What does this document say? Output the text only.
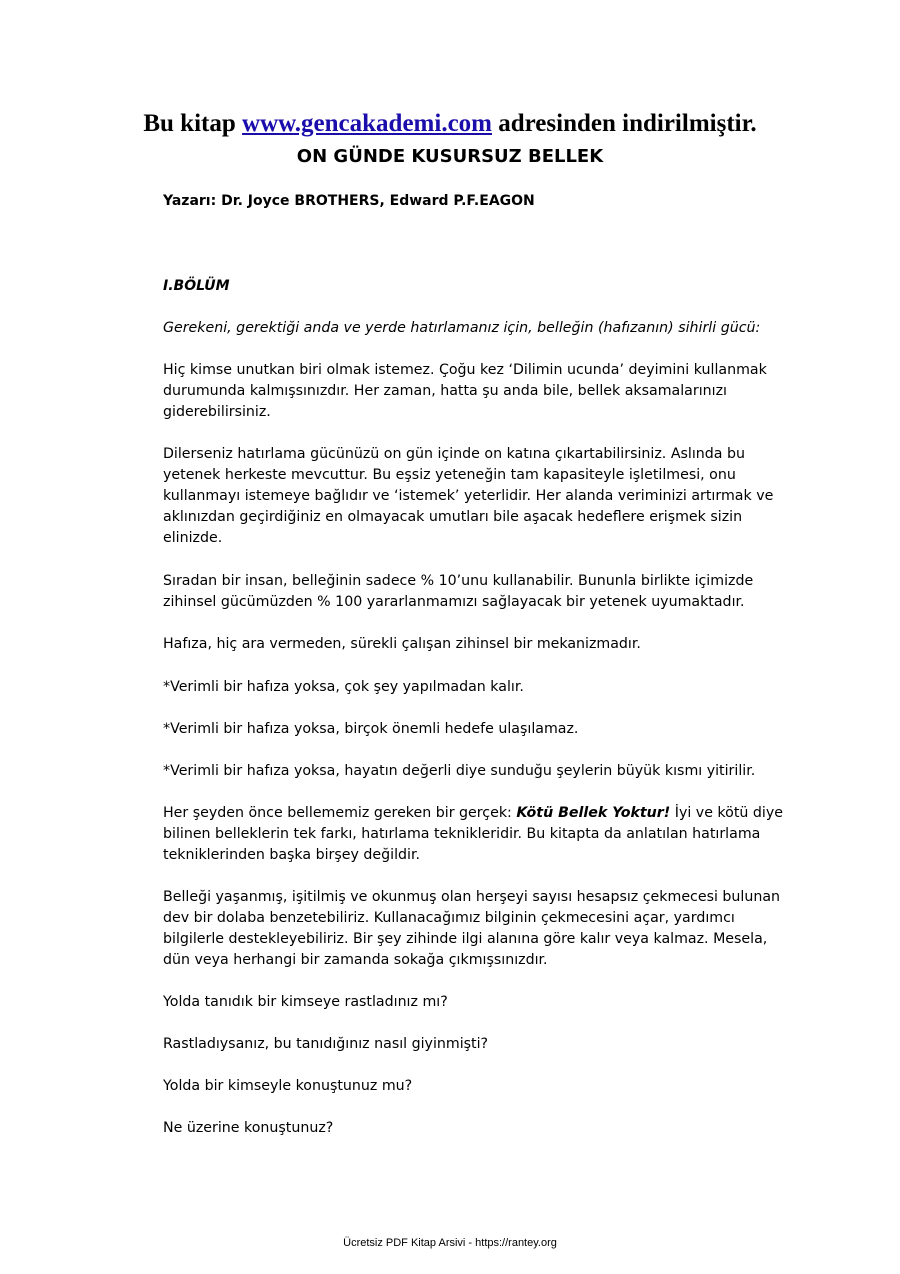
Bu kitap www.gencakademi.com adresinden indirilmiştir.
ON GÜNDE KUSURSUZ BELLEK
Yazarı: Dr. Joyce BROTHERS, Edward P.F.EAGON
I.BÖLÜM
Gerekeni, gerektiği anda ve yerde hatırlamanız için, belleğin (hafızanın) sihirli gücü:
Hiç kimse unutkan biri olmak istemez. Çoğu kez ‘Dilimin ucunda’ deyimini kullanmak durumunda kalmışsınızdır. Her zaman, hatta şu anda bile, bellek aksamalarınızı giderebilirsiniz.
Dilerseniz hatırlama gücünüzü on gün içinde on katına çıkartabilirsiniz. Aslında bu yetenek herkeste mevcuttur. Bu eşsiz yeteneğin tam kapasiteyle işletilmesi, onu kullanmayı istemeye bağlıdır ve ‘istemek’ yeterlidir. Her alanda veriminizi artırmak ve aklınızdan geçirdiğiniz en olmayacak umutları bile aşacak hedeflere erişmek sizin elinizde.
Sıradan bir insan, belleğinin sadece % 10’unu kullanabilir. Bununla birlikte içimizde zihinsel gücümüzden % 100 yararlanmamızı sağlayacak bir yetenek uyumaktadır.
Hafıza, hiç ara vermeden, sürekli çalışan zihinsel bir mekanizmadır.
*Verimli bir hafıza yoksa, çok şey yapılmadan kalır.
*Verimli bir hafıza yoksa, birçok önemli hedefe ulaşılamaz.
*Verimli bir hafıza yoksa, hayatın değerli diye sunduğu şeylerin büyük kısmı yitirilir.
Her şeyden önce bellememiz gereken bir gerçek: Kötü Bellek Yoktur! İyi ve kötü diye bilinen belleklerin tek farkı, hatırlama teknikleridir. Bu kitapta da anlatılan hatırlama tekniklerinden başka birşey değildir.
Belleği yaşanmış, işitilmiş ve okunmuş olan herşeyi sayısı hesapsız çekmecesi bulunan dev bir dolaba benzetebiliriz. Kullanacağımız bilginin çekmecesini açar, yardımcı bilgilerle destekleyebiliriz. Bir şey zihinde ilgi alanına göre kalır veya kalmaz. Mesela, dün veya herhangi bir zamanda sokağa çıkmışsınızdır.
Yolda tanıdık bir kimseye rastladınız mı?
Rastladıysanız, bu tanıdığınız nasıl giyinmişti?
Yolda bir kimseyle konuştunuz mu?
Ne üzerine konuştunuz?
Ücretsiz PDF Kitap Arsivi - https://rantey.org
